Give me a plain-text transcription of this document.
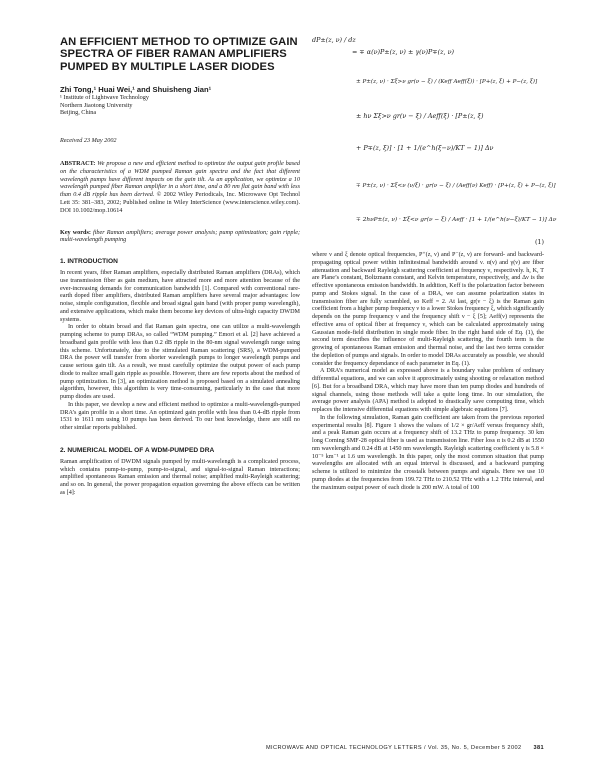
AN EFFICIENT METHOD TO OPTIMIZE GAIN SPECTRA OF FIBER RAMAN AMPLIFIERS PUMPED BY MULTIPLE LASER DIODES

Zhi Tong,¹ Huai Wei,¹ and Shuisheng Jian¹

¹ Institute of Lightwave Technology

Northern Jiaotong University

Beijing, China

Received 23 May 2002

ABSTRACT: We propose a new and efficient method to optimize the output gain profile based on the characteristics of a WDM pumped Raman gain spectra and the fact that different wavelength pumps have different impacts on the gain tilt. As an application, we optimize a 10 wavelength pumped fiber Raman amplifier in a short time, and a 80 nm flat gain band with less than 0.4 dB ripple has been derived. © 2002 Wiley Periodicals, Inc. Microwave Opt Technol Lett 35: 381–383, 2002; Published online in Wiley InterScience (www.interscience.wiley.com). DOI 10.1002/mop.10614

Key words: fiber Raman amplifiers; average power analysis; pump optimization; gain ripple; multi-wavelength pumping

1. INTRODUCTION

In recent years, fiber Raman amplifiers, especially distributed Raman amplifiers (DRAs), which use transmission fiber as gain medium, have attracted more and more attention because of the ever-increasing demands for communication bandwidth [1]. Compared with conventional rare-earth doped fiber amplifiers, distributed Raman amplifiers have several major advantages: low noise, simple configuration, flexible and broad signal gain band (with proper pump wavelength), and extensive applications, which make them become key devices of ultra-high capacity DWDM systems.

In order to obtain broad and flat Raman gain spectra, one can utilize a multi-wavelength pumping scheme to pump DRAs, so called “WDM pumping.” Emori et al. [2] have achieved a broadband gain profile with less than 0.2 dB ripple in the 80-nm signal wavelength range using this scheme. Unfortunately, due to the stimulated Raman scattering (SRS), a WDM-pumped DRA the power will transfer from shorter wavelength pumps to longer wavelength pumps and cause serious gain tilt. As a result, we must carefully optimize the output power of each pump diode to realize small gain ripple as possible. However, there are few reports about the method of pump optimization. In [3], an optimization method is proposed based on a simulated annealing algorithm, however, this algorithm is very time-consuming, particularly in the case that more pump diodes are used.

In this paper, we develop a new and efficient method to optimize a multi-wavelength-pumped DRA’s gain profile in a short time. An optimized gain profile with less than 0.4-dB ripple from 1531 to 1611 nm using 10 pumps has been derived. To our best knowledge, there are still no other similar reports published.

2. NUMERICAL MODEL OF A WDM-PUMPED DRA

Raman amplification of DWDM signals pumped by multi-wavelength is a complicated process, which contains pump-to-pump, pump-to-signal, and signal-to-signal Raman interactions; amplified spontaneous Raman emission and thermal noise; amplified multi-Rayleigh scattering; and so on. In general, the power propagation equation governing the above effects can be written as [4]:

dP±(z, ν) / dz
= ∓ α(ν)P±(z, ν) ± γ(ν)P∓(z, ν)
± P±(z, ν) · Σξ>ν gr(ν − ξ) / (Keff Aeff(ξ)) · [P+(z, ξ) + P−(z, ξ)]
± hν Σξ>ν gr(ν − ξ) / Aeff(ξ) · [P±(z, ξ)
+ P∓(z, ξ)] · [1 + 1/(e^h(ξ−ν)/KT − 1)] Δν
∓ P±(z, ν) · Σξ<ν (ν/ξ) · gr(ν − ξ) / (Aeff(ν) Keff) · [P+(z, ξ) + P−(z, ξ)]
∓ 2hνP±(z, ν) · Σξ<ν gr(ν − ξ) / Aeff · [1 + 1/(e^h(ν−ξ)/KT − 1)] Δν
(1)

where ν and ξ denote optical frequencies, P⁺(z, ν) and P⁻(z, ν) are forward- and backward-propagating optical power within infinitesimal bandwidth around ν. α(ν) and γ(ν) are fiber attenuation and backward Rayleigh scattering coefficient at frequency ν, respectively. h, K, T are Plane’s constant, Boltzmann constant, and Kelvin temperature, respectively, and Δν is the effective spontaneous emission bandwidth. In addition, Keff is the polarization factor between pump and Stokes signal. In the case of a DRA, we can assume polarization states in transmission fiber are fully scrambled, so Keff = 2. At last, gr(ν − ξ) is the Raman gain coefficient from a higher pump frequency ν to a lower Stokes frequency ξ, which significantly depends on the pump frequency ν and the frequency shift ν − ξ [5]; Aeff(ν) represents the effective area of optical fiber at frequency ν, which can be calculated approximately using Gaussian mode-field distribution in single mode fiber. In the right hand side of Eq. (1), the second term describes the influence of multi-Rayleigh scattering, the fourth term is the growing of spontaneous Raman emission and thermal noise, and the last two terms consider the depletion of pumps and signals. In order to model DRAs accurately as possible, we should consider the frequency dependance of each parameter in Eq. (1).

A DRA’s numerical model as expressed above is a boundary value problem of ordinary differential equations, and we can solve it approximately using shooting or relaxation method [6]. But for a broadband DRA, which may have more than ten pump diodes and hundreds of signal channels, using those methods will take a quite long time. In our simulation, the average power analysis (APA) method is adopted to drastically save computing time, which replaces the intensive differential equations with simple algebraic equations [7].

In the following simulation, Raman gain coefficient are taken from the previous reported experimental results [8]. Figure 1 shows the values of 1/2 × gr/Aeff versus frequency shift, and a peak Raman gain occurs at a frequency shift of 13.2 THz to pump frequency. 30 km long Corning SMF-28 optical fiber is used as transmission line. Fiber loss α is 0.2 dB at 1550 nm wavelength and 0.24 dB at 1450 nm wavelength. Rayleigh scattering coefficient γ is 5.8 × 10⁻⁵ km⁻¹ at 1.6 um wavelength. In this paper, only the most common situation that pump wavelengths are allocated with an equal interval is discussed, and a backward pumping scheme is utilized to minimize the crosstalk between pumps and signals. Here we use 10 pump diodes at the frequencies from 199.72 THz to 210.52 THz with a 1.2 THz interval, and the maximum output power of each diode is 200 mW. A total of 100

MICROWAVE AND OPTICAL TECHNOLOGY LETTERS / Vol. 35, No. 5, December 5 2002 381
